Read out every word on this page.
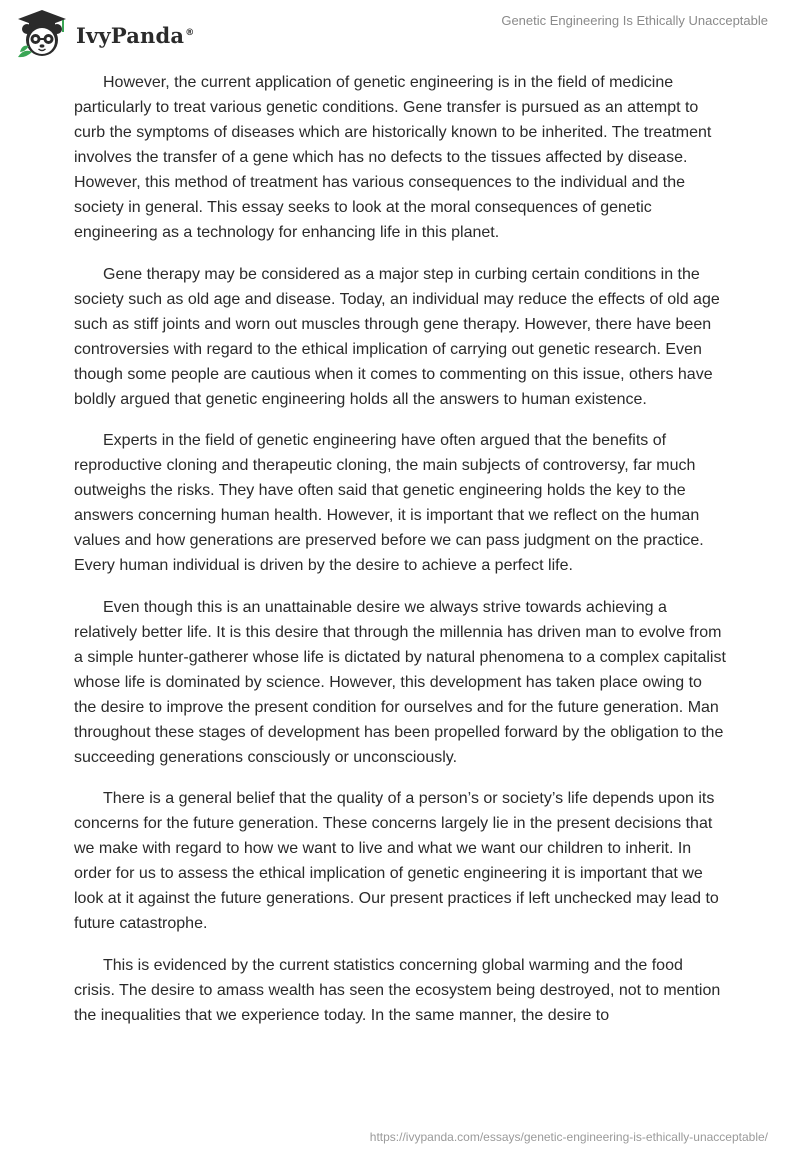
IvyPanda®
Genetic Engineering Is Ethically Unacceptable

However, the current application of genetic engineering is in the field of medicine particularly to treat various genetic conditions. Gene transfer is pursued as an attempt to curb the symptoms of diseases which are historically known to be inherited. The treatment involves the transfer of a gene which has no defects to the tissues affected by disease. However, this method of treatment has various consequences to the individual and the society in general. This essay seeks to look at the moral consequences of genetic engineering as a technology for enhancing life in this planet.

Gene therapy may be considered as a major step in curbing certain conditions in the society such as old age and disease. Today, an individual may reduce the effects of old age such as stiff joints and worn out muscles through gene therapy. However, there have been controversies with regard to the ethical implication of carrying out genetic research. Even though some people are cautious when it comes to commenting on this issue, others have boldly argued that genetic engineering holds all the answers to human existence.

Experts in the field of genetic engineering have often argued that the benefits of reproductive cloning and therapeutic cloning, the main subjects of controversy, far much outweighs the risks. They have often said that genetic engineering holds the key to the answers concerning human health. However, it is important that we reflect on the human values and how generations are preserved before we can pass judgment on the practice. Every human individual is driven by the desire to achieve a perfect life.

Even though this is an unattainable desire we always strive towards achieving a relatively better life. It is this desire that through the millennia has driven man to evolve from a simple hunter-gatherer whose life is dictated by natural phenomena to a complex capitalist whose life is dominated by science. However, this development has taken place owing to the desire to improve the present condition for ourselves and for the future generation. Man throughout these stages of development has been propelled forward by the obligation to the succeeding generations consciously or unconsciously.

There is a general belief that the quality of a person’s or society’s life depends upon its concerns for the future generation. These concerns largely lie in the present decisions that we make with regard to how we want to live and what we want our children to inherit. In order for us to assess the ethical implication of genetic engineering it is important that we look at it against the future generations. Our present practices if left unchecked may lead to future catastrophe.

This is evidenced by the current statistics concerning global warming and the food crisis. The desire to amass wealth has seen the ecosystem being destroyed, not to mention the inequalities that we experience today. In the same manner, the desire to

https://ivypanda.com/essays/genetic-engineering-is-ethically-unacceptable/
